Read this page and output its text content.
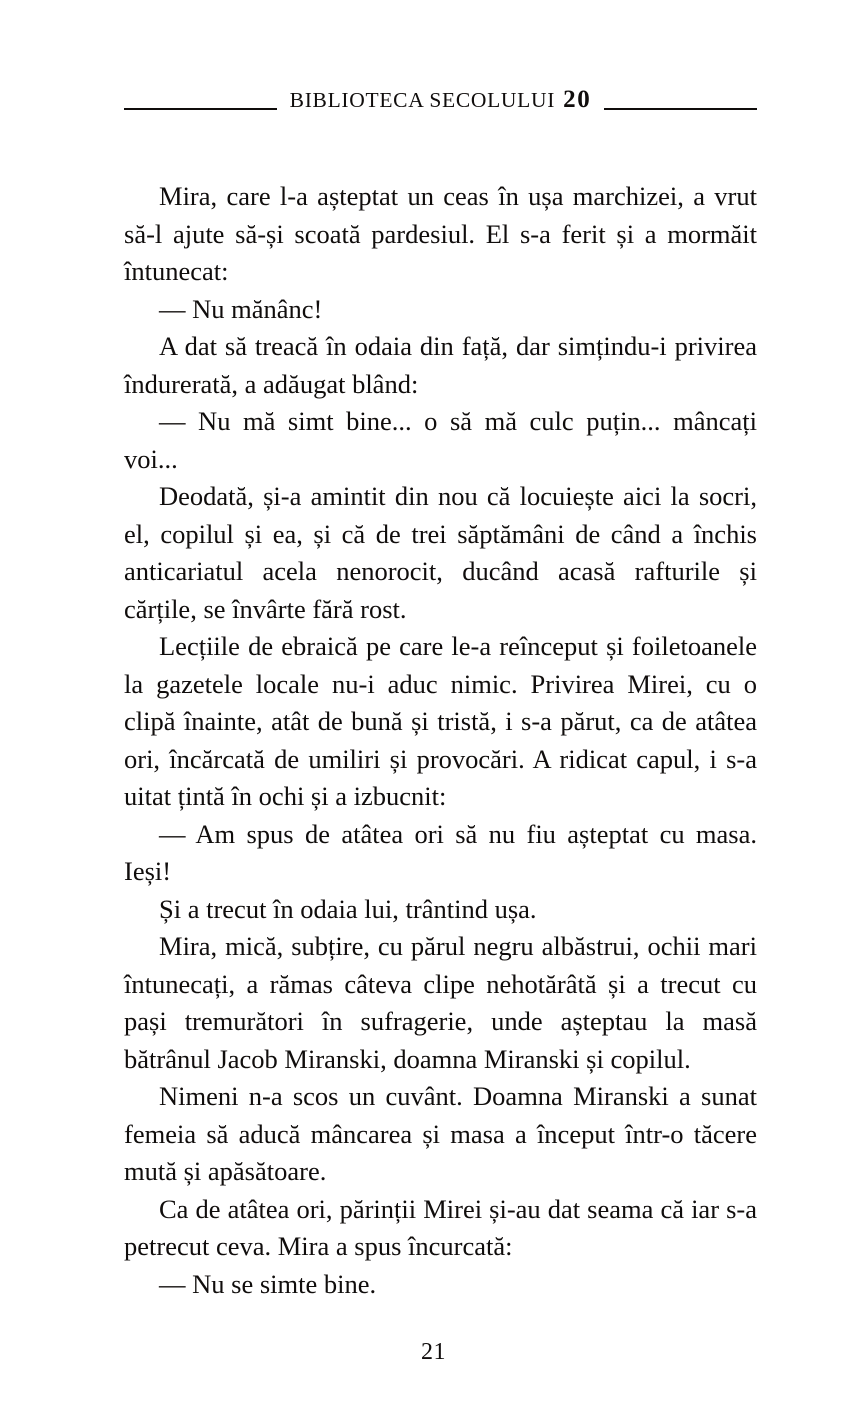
BIBLIOTECA SECOLULUI 20

Mira, care l-a așteptat un ceas în ușa marchizei, a vrut să-l ajute să-și scoată pardesiul. El s-a ferit și a mormăit întunecat:

— Nu mănânc!

A dat să treacă în odaia din față, dar simțindu-i privirea îndurerată, a adăugat blând:

— Nu mă simt bine... o să mă culc puțin... mâncați voi...

Deodată, și-a amintit din nou că locuiește aici la socri, el, copilul și ea, și că de trei săptămâni de când a închis anticariatul acela nenorocit, ducând acasă rafturile și cărțile, se învârte fără rost.

Lecțiile de ebraică pe care le-a reînceput și foiletoanele la gazetele locale nu-i aduc nimic. Privirea Mirei, cu o clipă înainte, atât de bună și tristă, i s-a părut, ca de atâtea ori, încărcată de umiliri și provocări. A ridicat capul, i s-a uitat țintă în ochi și a izbucnit:

— Am spus de atâtea ori să nu fiu așteptat cu masa. Ieși!

Și a trecut în odaia lui, trântind ușa.

Mira, mică, subțire, cu părul negru albăstrui, ochii mari întunecați, a rămas câteva clipe nehotărâtă și a trecut cu pași tremurători în sufragerie, unde așteptau la masă bătrânul Jacob Miranski, doamna Miranski și copilul.

Nimeni n-a scos un cuvânt. Doamna Miranski a sunat femeia să aducă mâncarea și masa a început într-o tăcere mută și apăsătoare.

Ca de atâtea ori, părinții Mirei și-au dat seama că iar s-a petrecut ceva. Mira a spus încurcată:

— Nu se simte bine.

21
